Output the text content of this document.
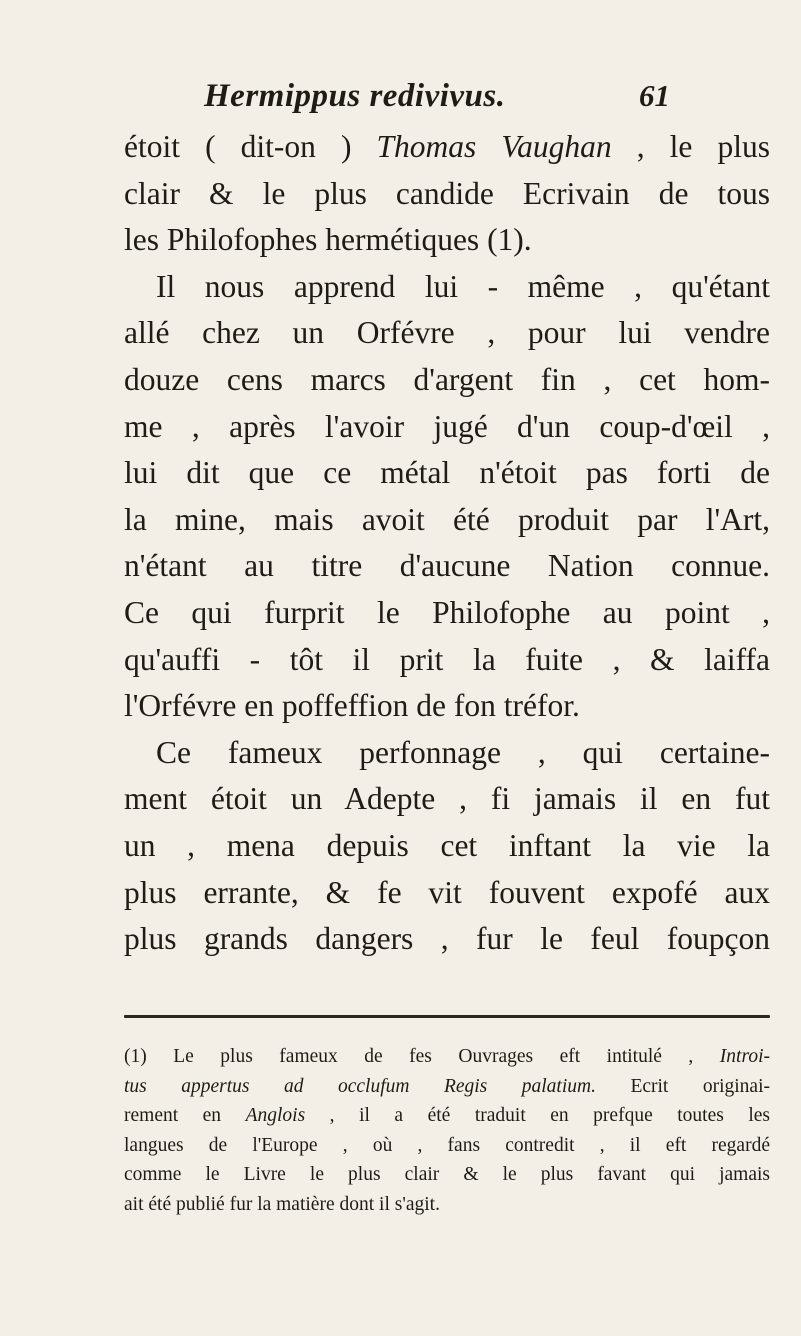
Hermippus redivivus.	61
étoit ( dit-on ) Thomas Vaughan , le plus
clair & le plus candide Ecrivain de tous
les Philofophes hermétiques (1).
Il nous apprend lui - même , qu'étant
allé chez un Orfévre , pour lui vendre
douze cens marcs d'argent fin , cet hom-
me , après l'avoir jugé d'un coup-d'œil ,
lui dit que ce métal n'étoit pas forti de
la mine, mais avoit été produit par l'Art,
n'étant au titre d'aucune Nation connue.
Ce qui furprit le Philofophe au point ,
qu'auffi - tôt il prit la fuite , & laiffa
l'Orfévre en poffeffion de fon tréfor.
Ce fameux perfonnage , qui certaine-
ment étoit un Adepte , fi jamais il en fut
un , mena depuis cet inftant la vie la
plus errante, & fe vit fouvent expofé aux
plus grands dangers , fur le feul foupçon
(1) Le plus fameux de fes Ouvrages eft intitulé , Introi-
tus appertus ad occlufum Regis palatium. Ecrit originai-
rement en Anglois , il a été traduit en prefque toutes les
langues de l'Europe , où , fans contredit , il eft regardé
comme le Livre le plus clair & le plus favant qui jamais
ait été publié fur la matière dont il s'agit.
